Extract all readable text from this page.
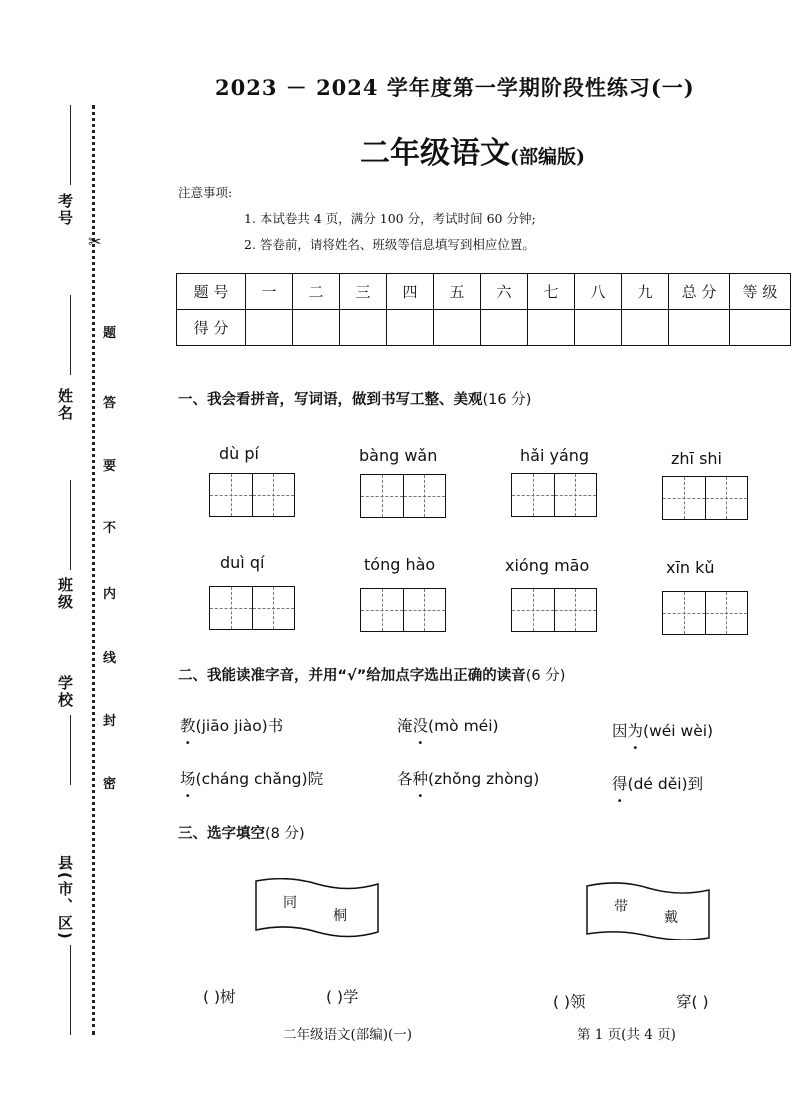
考号
姓名
班级
学校
县(市、区)
✂
题
答
要
不
内
线
封
密
2023 － 2024 学年度第一学期阶段性练习(一)
二年级语文(部编版)
注意事项:
1. 本试卷共 4 页，满分 100 分，考试时间 60 分钟;
2. 答卷前，请将姓名、班级等信息填写到相应位置。
题 号	一	二	三	四	五	六	七	八	九	总 分	等 级
得 分											
一、我会看拼音，写词语，做到书写工整、美观(16 分)
dù pí	bàng wǎn	hǎi yáng	zhī shi
duì qí	tóng hào	xióng māo	xīn kǔ
二、我能读准字音，并用“√”给加点字选出正确的读音(6 分)
教(jiāo jiào)书	淹没(mò méi)	因为(wéi wèi)
场(cháng chǎng)院	各种(zhǒng zhòng)	得(dé děi)到
三、选字填空(8 分)
同
桐
带
戴
( )树	( )学	( )领	穿( )
二年级语文(部编)(一)	第 1 页(共 4 页)
